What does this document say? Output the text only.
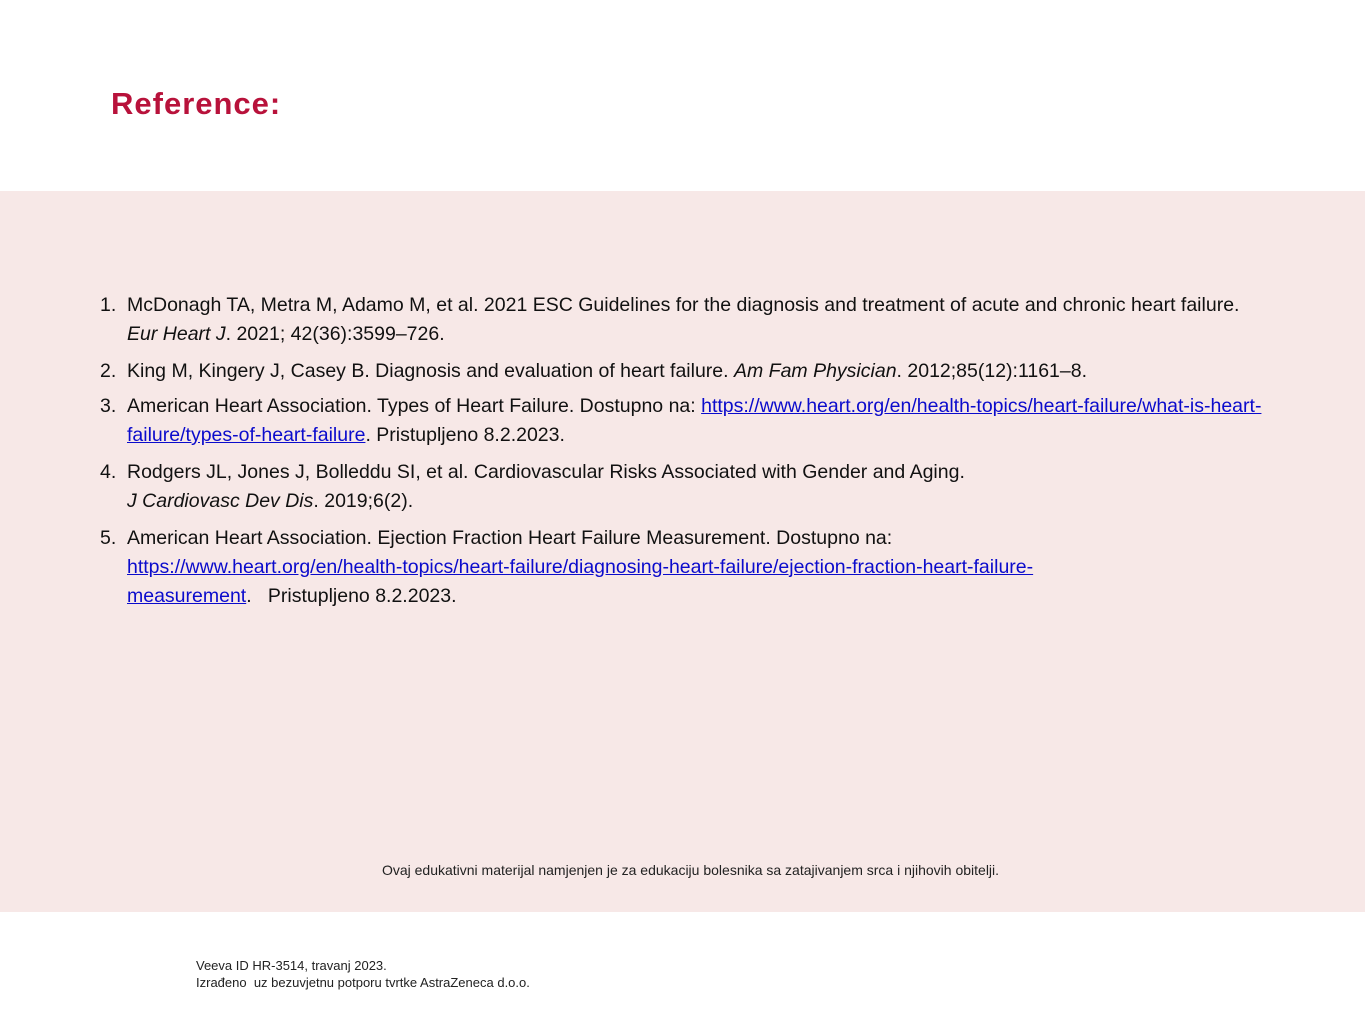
Reference:
1. McDonagh TA, Metra M, Adamo M, et al. 2021 ESC Guidelines for the diagnosis and treatment of acute and chronic heart failure. Eur Heart J. 2021; 42(36):3599–726.
2. King M, Kingery J, Casey B. Diagnosis and evaluation of heart failure. Am Fam Physician. 2012;85(12):1161–8.
3. American Heart Association. Types of Heart Failure. Dostupno na: https://www.heart.org/en/health-topics/heart-failure/what-is-heart-failure/types-of-heart-failure. Pristupljeno 8.2.2023.
4. Rodgers JL, Jones J, Bolleddu SI, et al. Cardiovascular Risks Associated with Gender and Aging.
J Cardiovasc Dev Dis. 2019;6(2).
5. American Heart Association. Ejection Fraction Heart Failure Measurement. Dostupno na:
https://www.heart.org/en/health-topics/heart-failure/diagnosing-heart-failure/ejection-fraction-heart-failure-measurement.   Pristupljeno 8.2.2023.
Ovaj edukativni materijal namjenjen je za edukaciju bolesnika sa zatajivanjem srca i njihovih obitelji.
Veeva ID HR-3514, travanj 2023.
Izrađeno  uz bezuvjetnu potporu tvrtke AstraZeneca d.o.o.
